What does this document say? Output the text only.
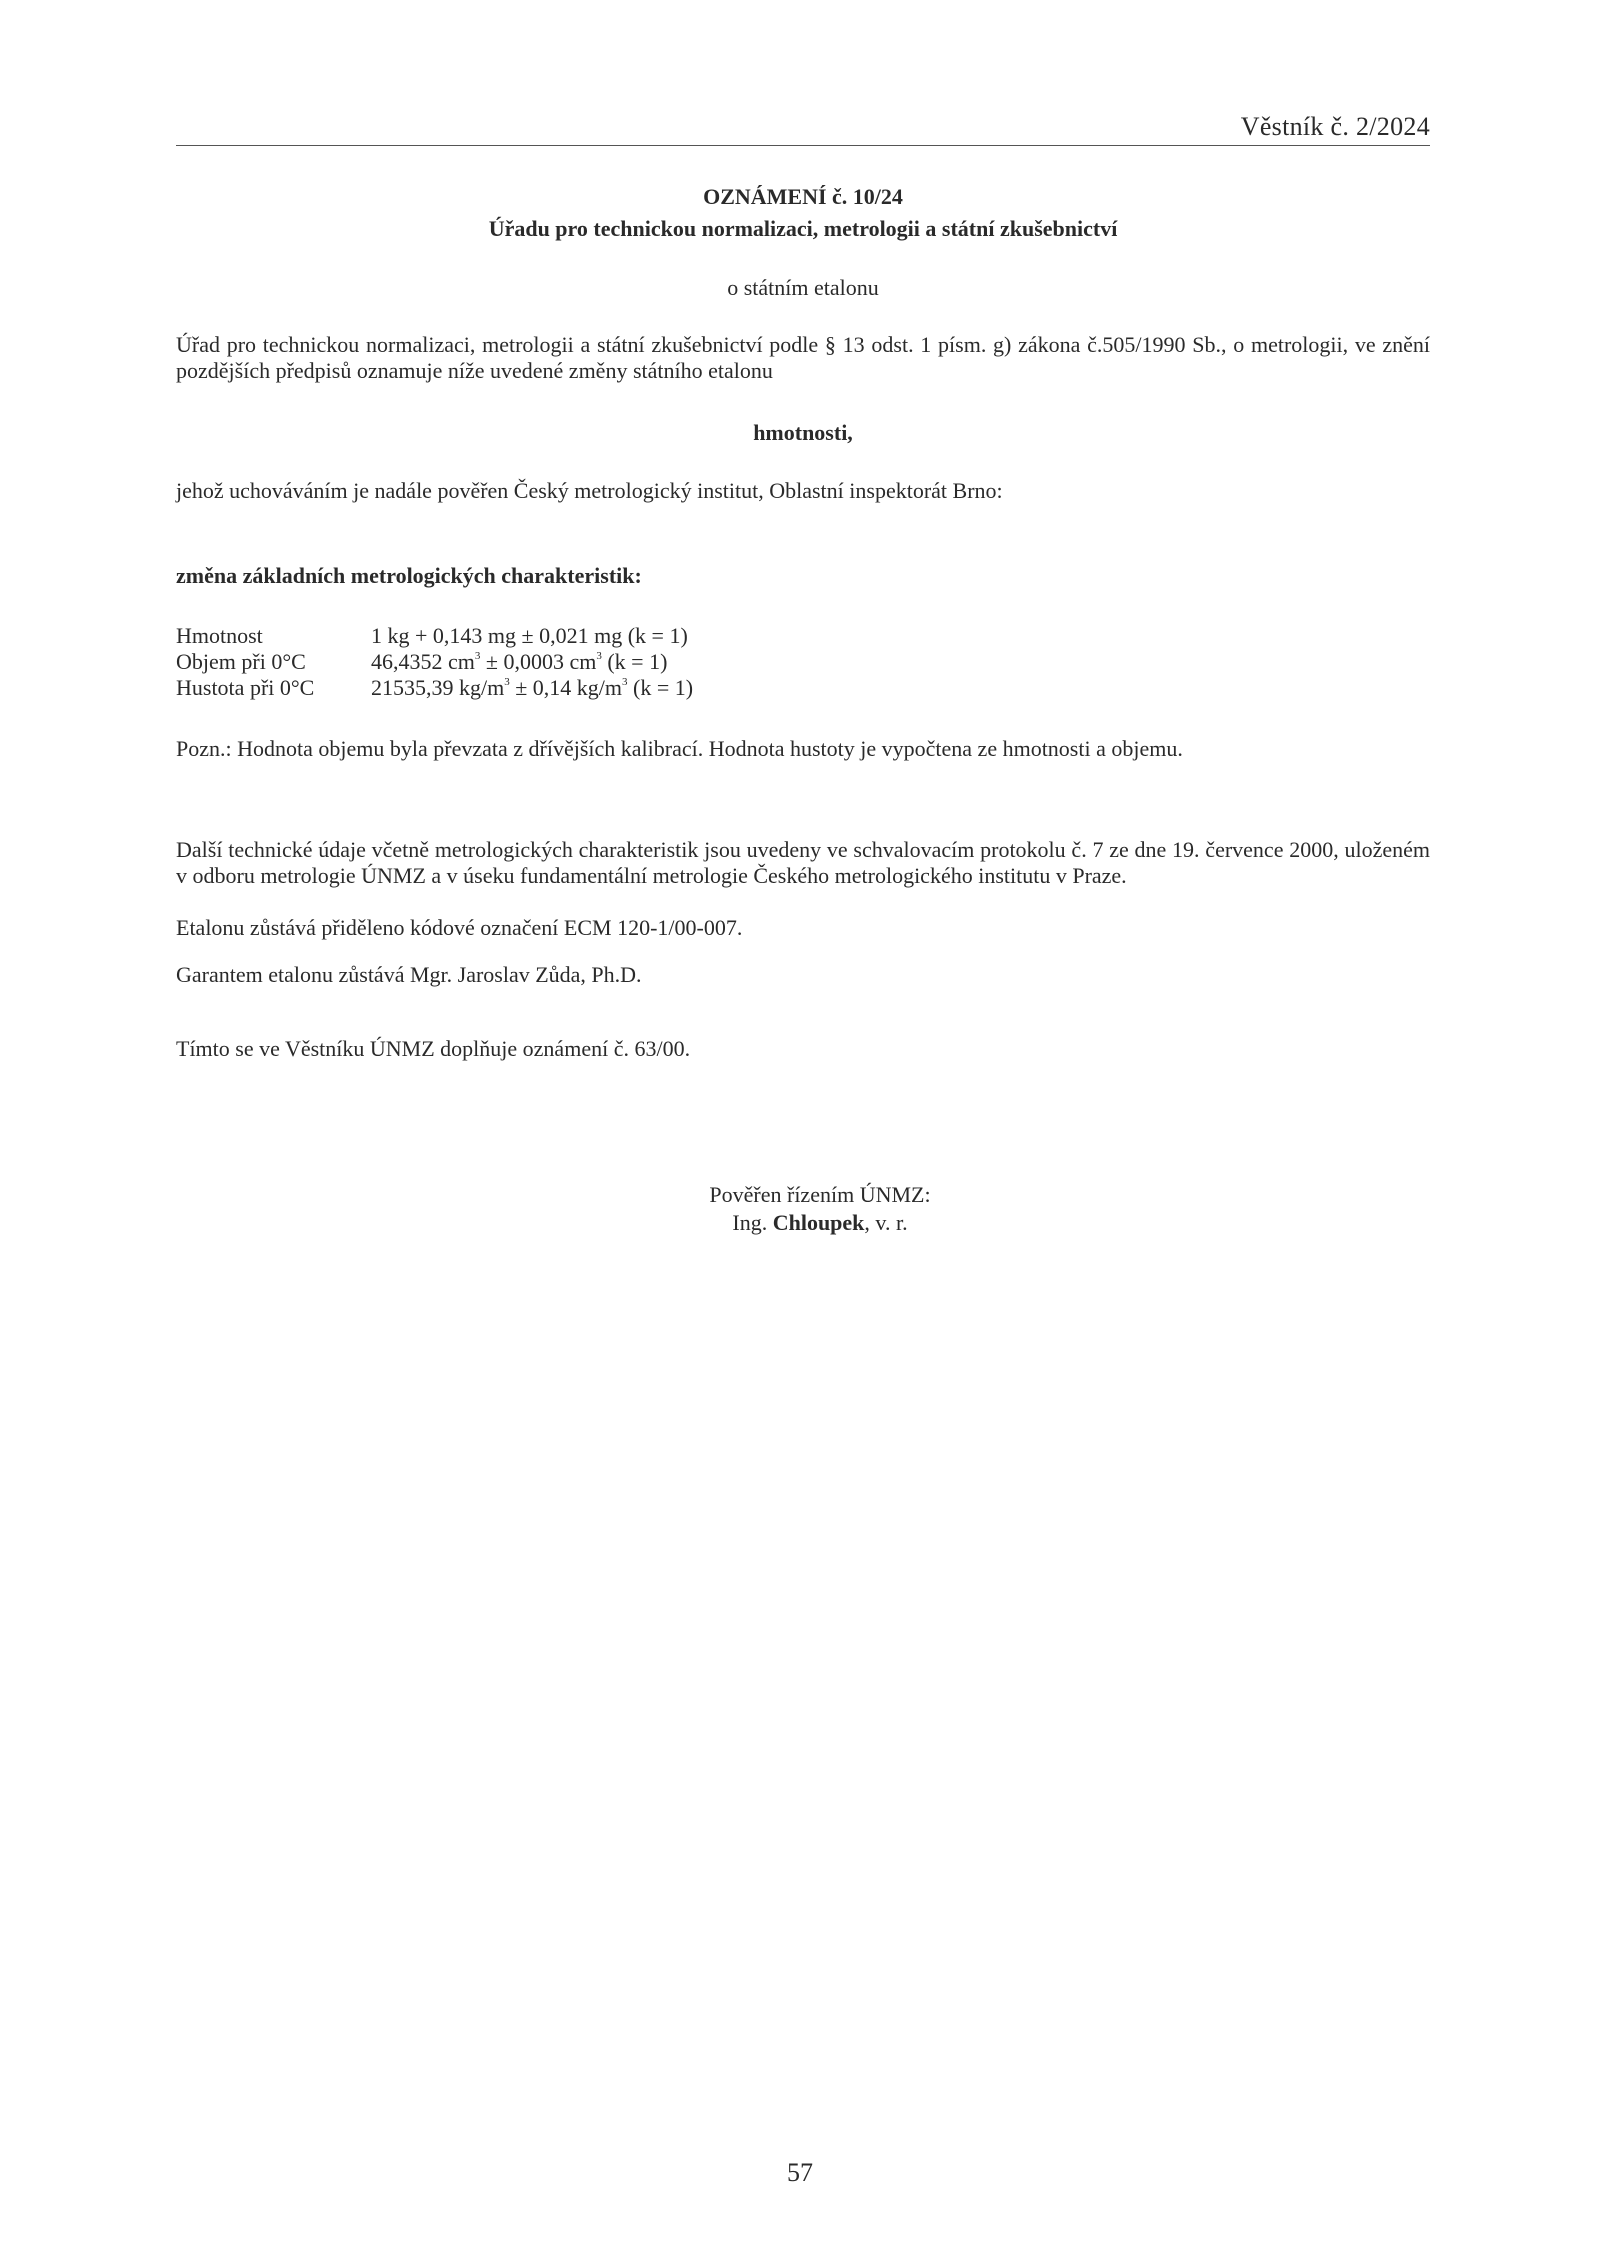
Věstník č. 2/2024
OZNÁMENÍ č. 10/24
Úřadu pro technickou normalizaci, metrologii a státní zkušebnictví
o státním etalonu
Úřad pro technickou normalizaci, metrologii a státní zkušebnictví podle § 13 odst. 1 písm. g) zákona č.505/1990 Sb., o metrologii, ve znění pozdějších předpisů oznamuje níže uvedené změny státního etalonu
hmotnosti,
jehož uchováváním je nadále pověřen Český metrologický institut, Oblastní inspektorát Brno:
změna základních metrologických charakteristik:
Hmotnost	1 kg + 0,143 mg ± 0,021 mg (k = 1)
Objem při 0°C	46,4352 $cm^3 \pm 0,0003$ $cm^3$ (k = 1)
Hustota při 0°C	21535,39 $kg/m^3 \pm 0,14$ $kg/m^3$ (k = 1)
Pozn.: Hodnota objemu byla převzata z dřívějších kalibrací. Hodnota hustoty je vypočtena ze hmotnosti a objemu.
Další technické údaje včetně metrologických charakteristik jsou uvedeny ve schvalovacím protokolu č. 7 ze dne 19. července 2000, uloženém v odboru metrologie ÚNMZ a v úseku fundamentální metrologie Českého metrologického institutu v Praze.
Etalonu zůstává přiděleno kódové označení ECM 120-1/00-007.
Garantem etalonu zůstává Mgr. Jaroslav Zůda, Ph.D.
Tímto se ve Věstníku ÚNMZ doplňuje oznámení č. 63/00.
Pověřen řízením ÚNMZ:
Ing. Chloupek, v. r.
57
